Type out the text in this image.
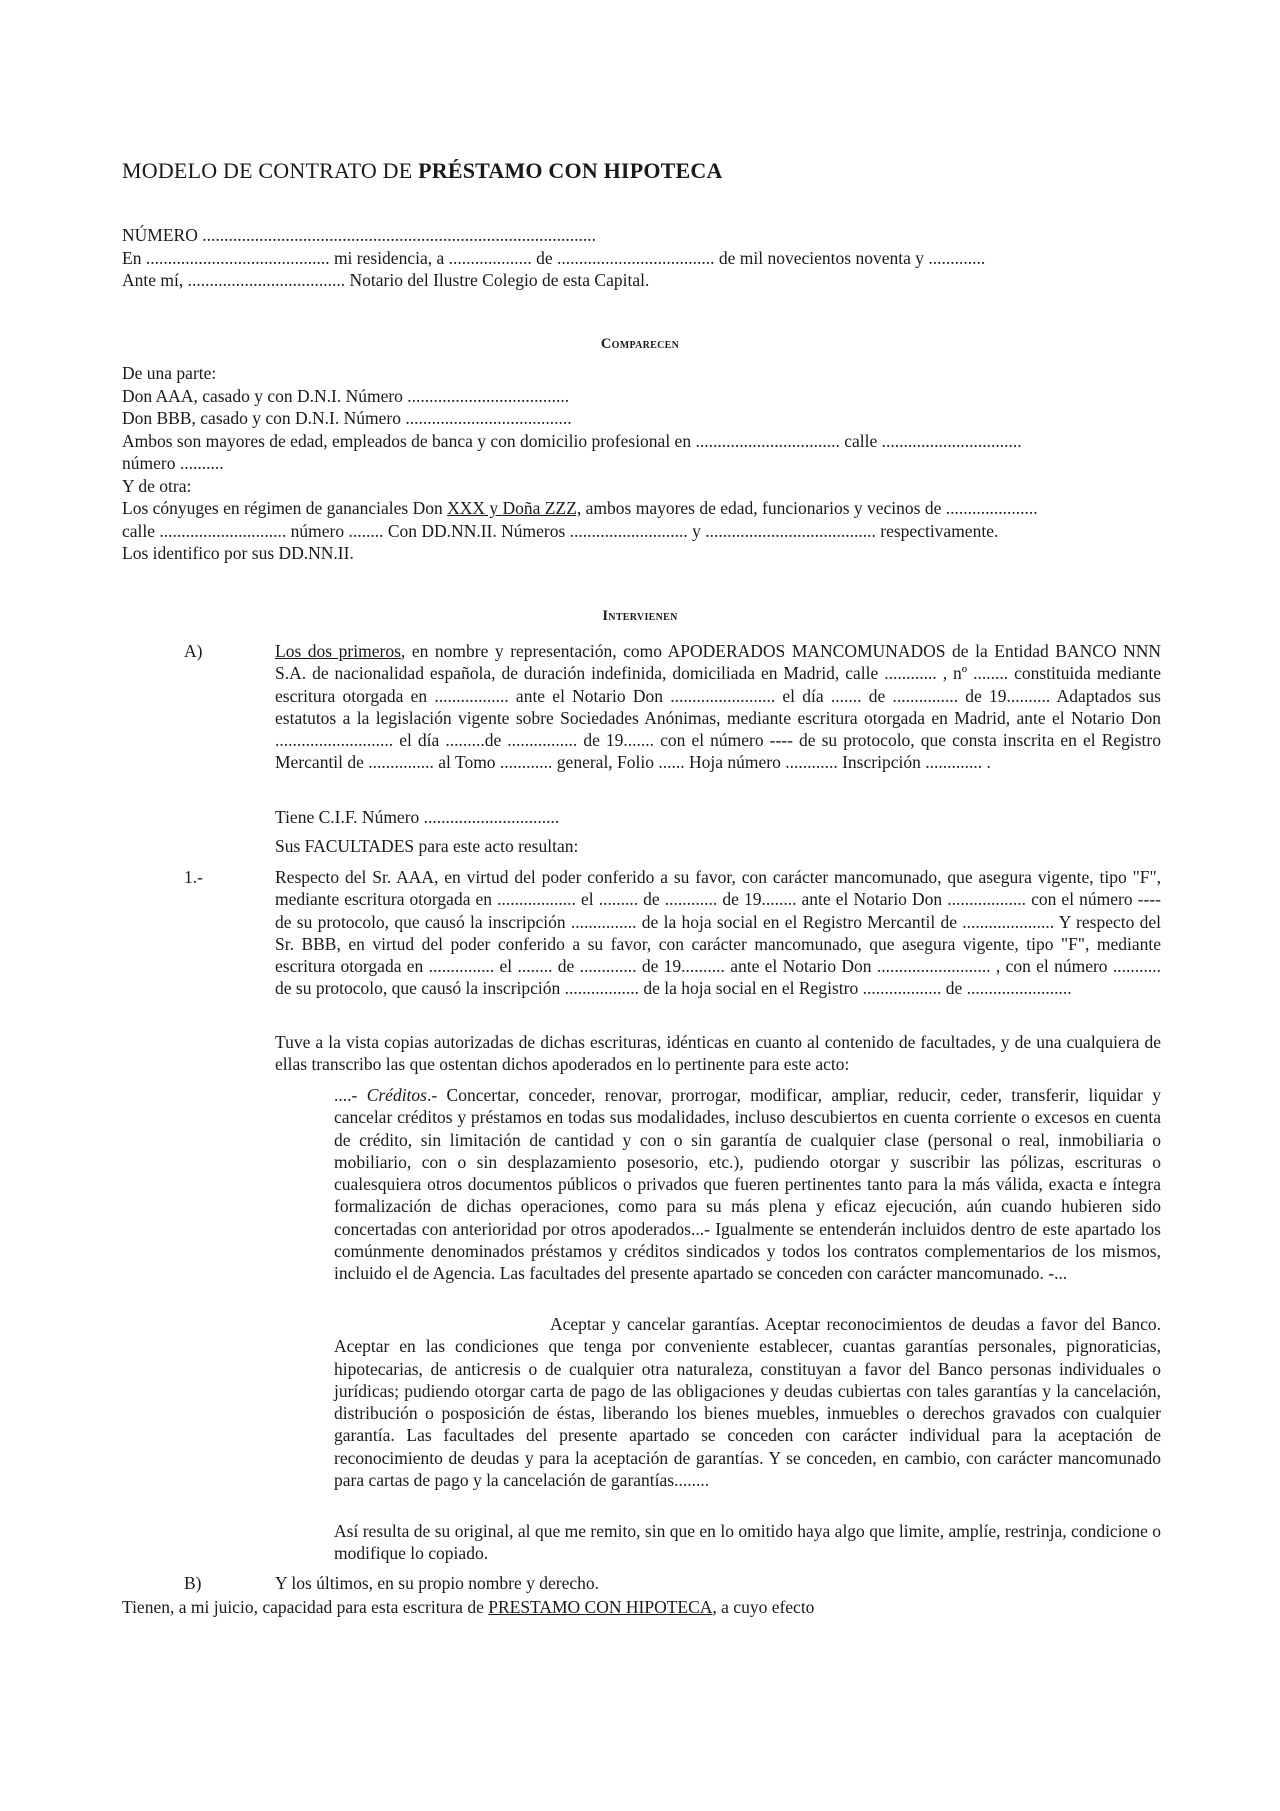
MODELO DE CONTRATO DE PRÉSTAMO CON HIPOTECA
NÚMERO ..........................................................................................
En .......................................... mi residencia, a ................... de .................................... de mil novecientos noventa y .............
Ante mí, .................................... Notario del Ilustre Colegio de esta Capital.
Comparecen
De una parte:
Don AAA, casado y con D.N.I. Número .....................................
Don BBB, casado y con D.N.I. Número ......................................
Ambos son mayores de edad, empleados de banca y con domicilio profesional en ................................. calle ................................
número ..........
Y de otra:
Los cónyuges en régimen de gananciales Don XXX y Doña ZZZ, ambos mayores de edad, funcionarios y vecinos de .....................
calle ............................. número ........ Con DD.NN.II. Números ........................... y ....................................... respectivamente.
Los identifico por sus DD.NN.II.
Intervienen
A)	Los dos primeros, en nombre y representación, como APODERADOS MANCOMUNADOS de la Entidad BANCO NNN S.A. de nacionalidad española, de duración indefinida, domiciliada en Madrid, calle ............ , nº ........ constituida mediante escritura otorgada en ................. ante el Notario Don ........................ el día ....... de ............... de 19.......... Adaptados sus estatutos a la legislación vigente sobre Sociedades Anónimas, mediante escritura otorgada en Madrid, ante el Notario Don ........................... el día .........de ................ de 19....... con el número ---- de su protocolo, que consta inscrita en el Registro Mercantil de ............... al Tomo ............ general, Folio ...... Hoja número ............ Inscripción ............. .

Tiene C.I.F. Número ...............................
Sus FACULTADES para este acto resultan:
1.-	Respecto del Sr. AAA, en virtud del poder conferido a su favor, con carácter mancomunado, que asegura vigente, tipo "F", mediante escritura otorgada en .................. el ......... de ............ de 19........ ante el Notario Don .................. con el número ---- de su protocolo, que causó la inscripción ............... de la hoja social en el Registro Mercantil de ..................... Y respecto del Sr. BBB, en virtud del poder conferido a su favor, con carácter mancomunado, que asegura vigente, tipo "F", mediante escritura otorgada en ............... el ........ de ............. de 19.......... ante el Notario Don .......................... , con el número ........... de su protocolo, que causó la inscripción ................. de la hoja social en el Registro .................. de ........................
Tuve a la vista copias autorizadas de dichas escrituras, idénticas en cuanto al contenido de facultades, y de una cualquiera de ellas transcribo las que ostentan dichos apoderados en lo pertinente para este acto:

....- Créditos.- Concertar, conceder, renovar, prorrogar, modificar, ampliar, reducir, ceder, transferir, liquidar y cancelar créditos y préstamos en todas sus modalidades, incluso descubiertos en cuenta corriente o excesos en cuenta de crédito, sin limitación de cantidad y con o sin garantía de cualquier clase (personal o real, inmobiliaria o mobiliario, con o sin desplazamiento posesorio, etc.), pudiendo otorgar y suscribir las pólizas, escrituras o cualesquiera otros documentos públicos o privados que fueren pertinentes tanto para la más válida, exacta e íntegra formalización de dichas operaciones, como para su más plena y eficaz ejecución, aún cuando hubieren sido concertadas con anterioridad por otros apoderados...- Igualmente se entenderán incluidos dentro de este apartado los comúnmente denominados préstamos y créditos sindicados y todos los contratos complementarios de los mismos, incluido el de Agencia. Las facultades del presente apartado se conceden con carácter mancomunado. -...

Aceptar y cancelar garantías. Aceptar reconocimientos de deudas a favor del Banco. Aceptar en las condiciones que tenga por conveniente establecer, cuantas garantías personales, pignoraticias, hipotecarias, de anticresis o de cualquier otra naturaleza, constituyan a favor del Banco personas individuales o jurídicas; pudiendo otorgar carta de pago de las obligaciones y deudas cubiertas con tales garantías y la cancelación, distribución o posposición de éstas, liberando los bienes muebles, inmuebles o derechos gravados con cualquier garantía. Las facultades del presente apartado se conceden con carácter individual para la aceptación de reconocimiento de deudas y para la aceptación de garantías. Y se conceden, en cambio, con carácter mancomunado para cartas de pago y la cancelación de garantías........
Así resulta de su original, al que me remito, sin que en lo omitido haya algo que limite, amplíe, restrinja, condicione o modifique lo copiado.
B)	Y los últimos, en su propio nombre y derecho.
Tienen, a mi juicio, capacidad para esta escritura de PRESTAMO CON HIPOTECA, a cuyo efecto
